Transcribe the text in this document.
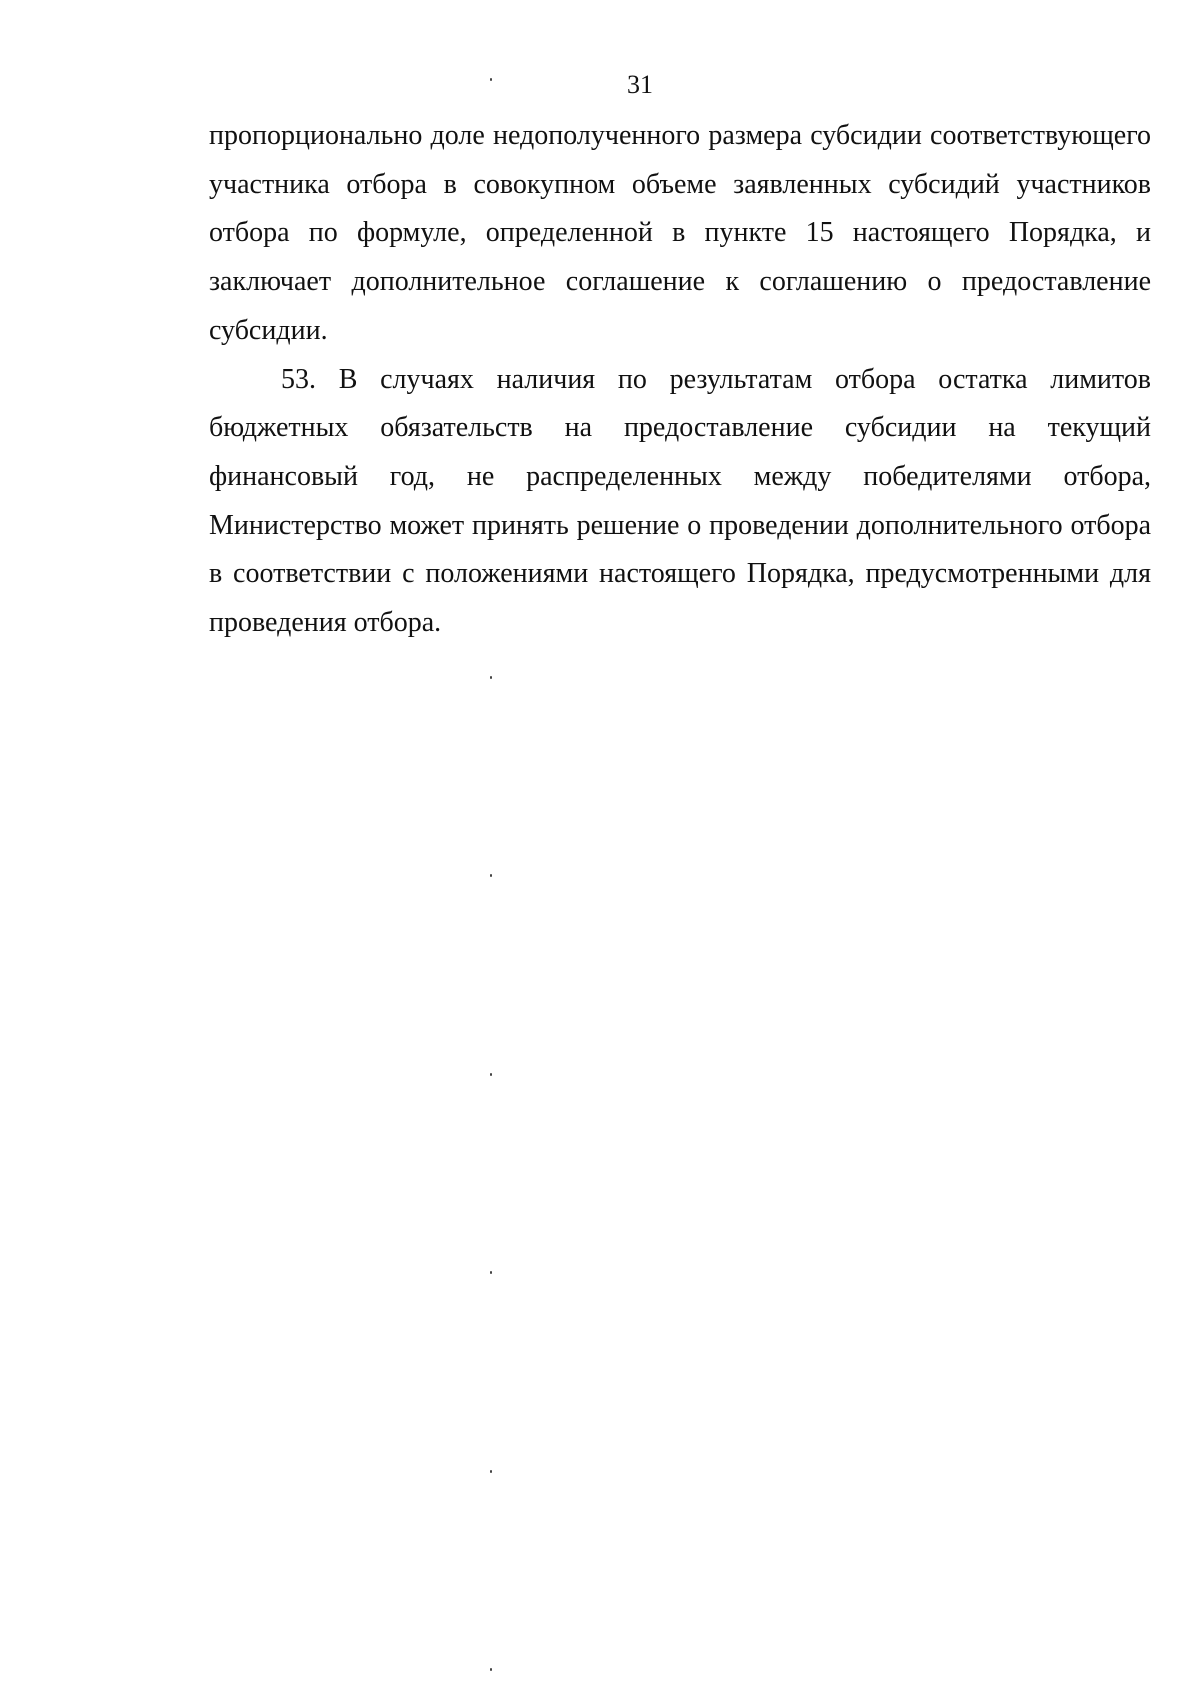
31

пропорционально доле недополученного размера субсидии соответствующего участника отбора в совокупном объеме заявленных субсидий участников отбора по формуле, определенной в пункте 15 настоящего Порядка, и заключает дополнительное соглашение к соглашению о предоставление субсидии.

53. В случаях наличия по результатам отбора остатка лимитов бюджетных обязательств на предоставление субсидии на текущий финансовый год, не распределенных между победителями отбора, Министерство может принять решение о проведении дополнительного отбора в соответствии с положениями настоящего Порядка, предусмотренными для проведения отбора.
